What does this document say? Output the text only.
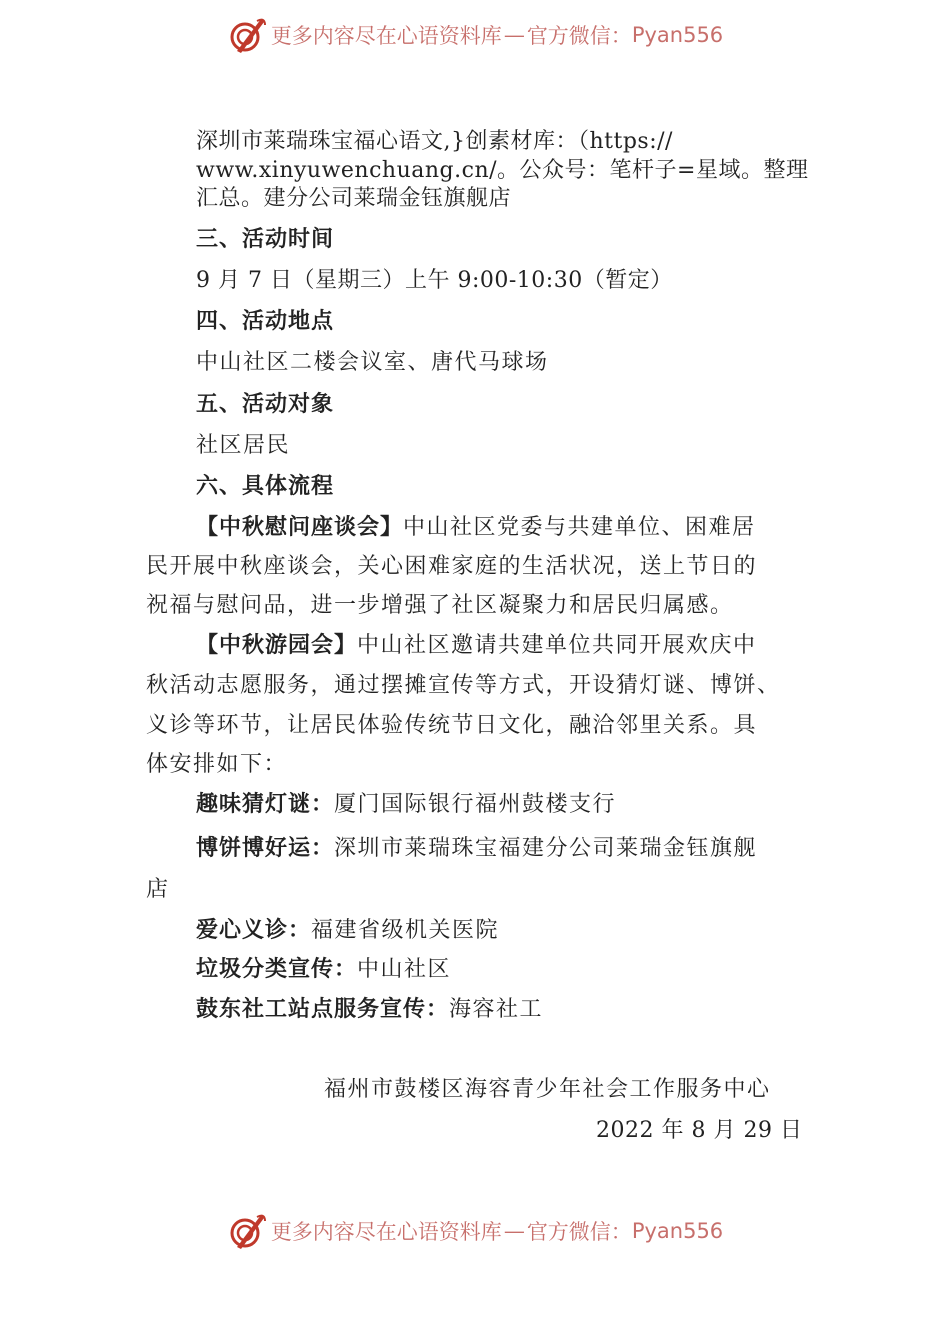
更多内容尽在心语资料库 — 官方微信： Pyan556
深圳市莱瑞珠宝福心语文,}创素材库：（https://
www.xinyuwenchuang.cn/。公众号：笔杆子=星域。整理
汇总。建分公司莱瑞金钰旗舰店
三、活动时间
9 月 7 日（星期三）上午 9:00-10:30（暂定）
四、活动地点
中山社区二楼会议室、唐代马球场
五、活动对象
社区居民
六、具体流程
【中秋慰问座谈会】中山社区党委与共建单位、困难居
民开展中秋座谈会，关心困难家庭的生活状况，送上节日的
祝福与慰问品，进一步增强了社区凝聚力和居民归属感。
【中秋游园会】中山社区邀请共建单位共同开展欢庆中
秋活动志愿服务，通过摆摊宣传等方式，开设猜灯谜、博饼、
义诊等环节，让居民体验传统节日文化，融洽邻里关系。具
体安排如下：
趣味猜灯谜：厦门国际银行福州鼓楼支行
博饼博好运：深圳市莱瑞珠宝福建分公司莱瑞金钰旗舰
店
爱心义诊：福建省级机关医院
垃圾分类宣传：中山社区
鼓东社工站点服务宣传：海容社工
福州市鼓楼区海容青少年社会工作服务中心
2022 年 8 月 29 日
更多内容尽在心语资料库 — 官方微信： Pyan556
